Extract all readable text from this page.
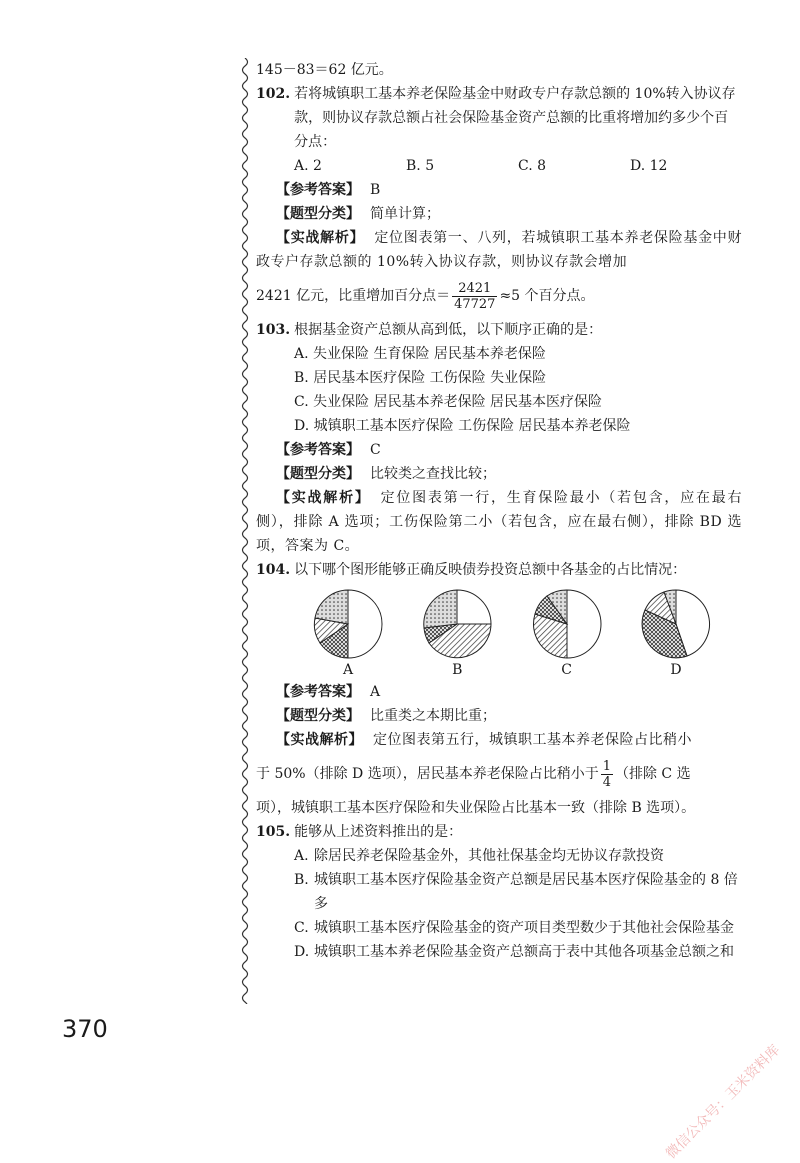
145－83＝62 亿元。
102. 若将城镇职工基本养老保险基金中财政专户存款总额的 10%转入协议存款，则协议存款总额占社会保险基金资产总额的比重将增加约多少个百分点：
A. 2	B. 5	C. 8	D. 12
【参考答案】 B
【题型分类】 简单计算；
【实战解析】 定位图表第一、八列，若城镇职工基本养老保险基金中财政专户存款总额的 10%转入协议存款，则协议存款会增加
2421 亿元，比重增加百分点＝ $\frac{2421}{47727} \approx 5$ 个百分点。
103. 根据基金资产总额从高到低，以下顺序正确的是：
A. 失业保险 生育保险 居民基本养老保险
B. 居民基本医疗保险 工伤保险 失业保险
C. 失业保险 居民基本养老保险 居民基本医疗保险
D. 城镇职工基本医疗保险 工伤保险 居民基本养老保险
【参考答案】 C
【题型分类】 比较类之查找比较；
【实战解析】 定位图表第一行，生育保险最小（若包含，应在最右侧），排除 A 选项；工伤保险第二小（若包含，应在最右侧），排除 BD 选项，答案为 C。
104. 以下哪个图形能够正确反映债券投资总额中各基金的占比情况：
A	B	C	D
【参考答案】 A
【题型分类】 比重类之本期比重；
【实战解析】 定位图表第五行，城镇职工基本养老保险占比稍小
于 50%（排除 D 选项），居民基本养老保险占比稍小于 $\frac{1}{4}$ （排除 C 选
项），城镇职工基本医疗保险和失业保险占比基本一致（排除 B 选项）。
105. 能够从上述资料推出的是：
A. 除居民养老保险基金外，其他社保基金均无协议存款投资
B. 城镇职工基本医疗保险基金资产总额是居民基本医疗保险基金的 8 倍多
C. 城镇职工基本医疗保险基金的资产项目类型数少于其他社会保险基金
D. 城镇职工基本养老保险基金资产总额高于表中其他各项基金总额之和
370
微信公众号：玉米资料库
